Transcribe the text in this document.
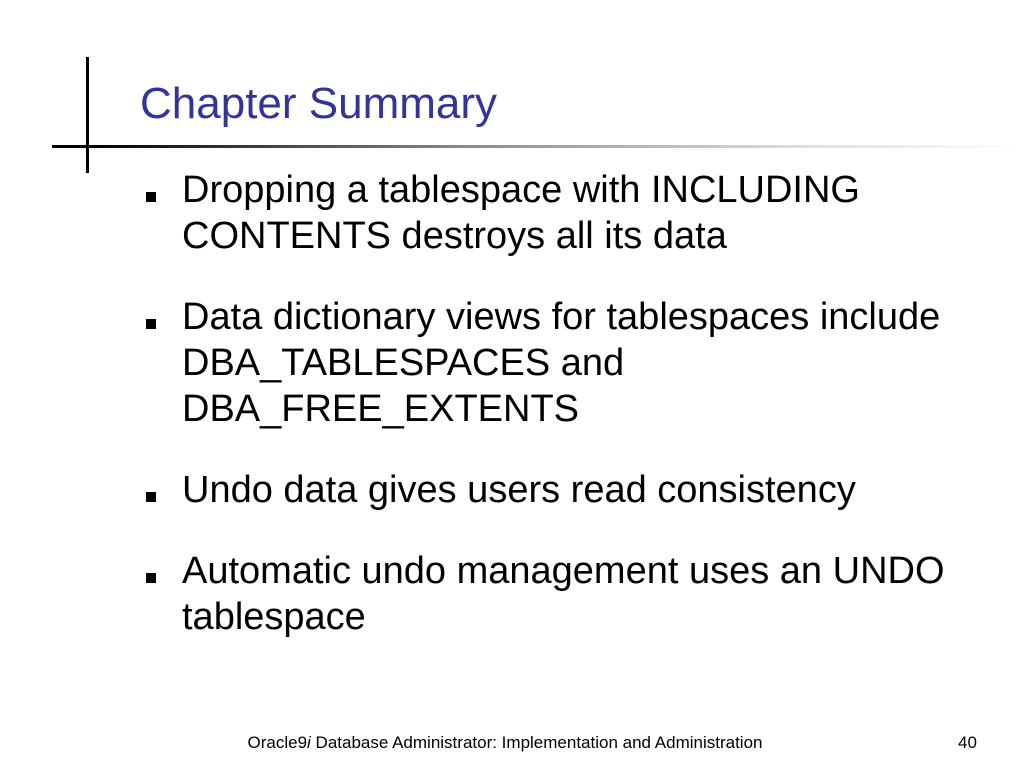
Chapter Summary
Dropping a tablespace with INCLUDING CONTENTS destroys all its data
Data dictionary views for tablespaces include DBA_TABLESPACES and DBA_FREE_EXTENTS
Undo data gives users read consistency
Automatic undo management uses an UNDO tablespace
Oracle9i Database Administrator: Implementation and Administration	40
